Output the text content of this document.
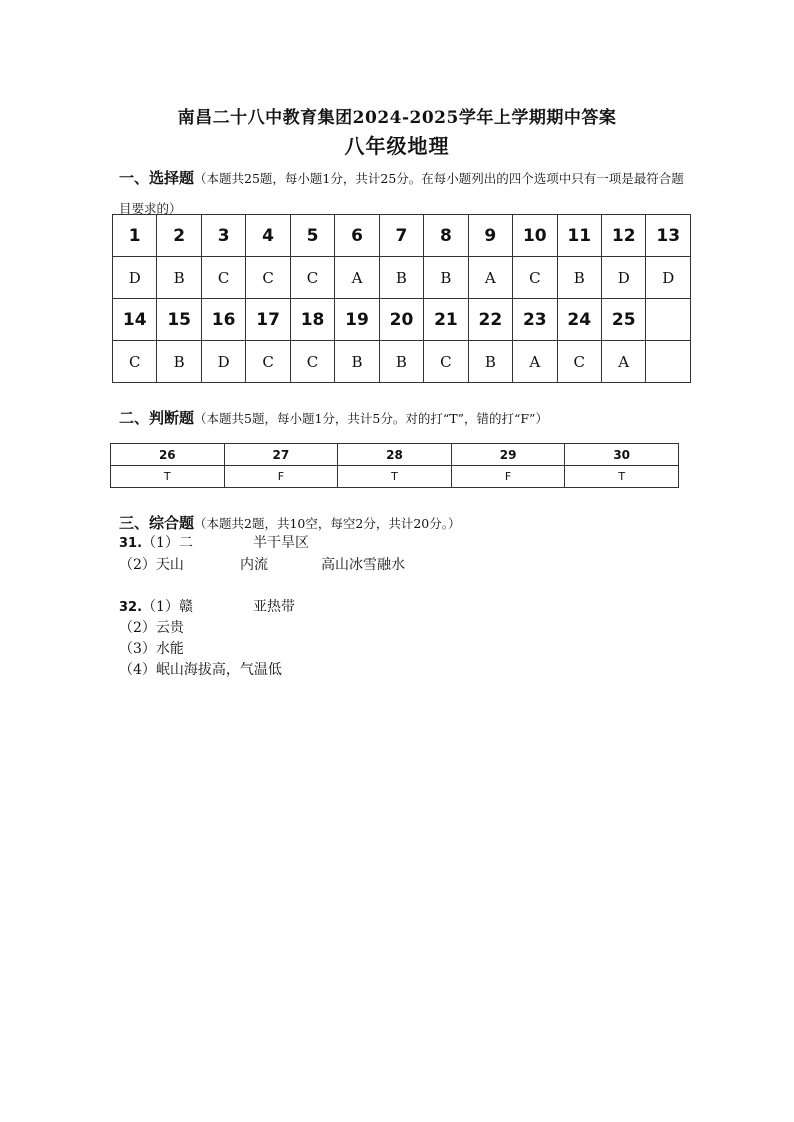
南昌二十八中教育集团2024-2025学年上学期期中答案
八年级地理
一、选择题（本题共25题，每小题1分，共计25分。在每小题列出的四个选项中只有一项是最符合题目要求的）
1	2	3	4	5	6	7	8	9	10	11	12	13
D	B	C	C	C	A	B	B	A	C	B	D	D
14	15	16	17	18	19	20	21	22	23	24	25	
C	B	D	C	C	B	B	C	B	A	C	A	
二、判断题（本题共5题，每小题1分，共计5分。对的打“T”，错的打“F”）
26	27	28	29	30
T	F	T	F	T
三、综合题（本题共2题，共10空，每空2分，共计20分。）
31.（1）二	半干旱区
（2）天山	内流	高山冰雪融水
32.（1）赣	亚热带
（2）云贵
（3）水能
（4）岷山海拔高，气温低
